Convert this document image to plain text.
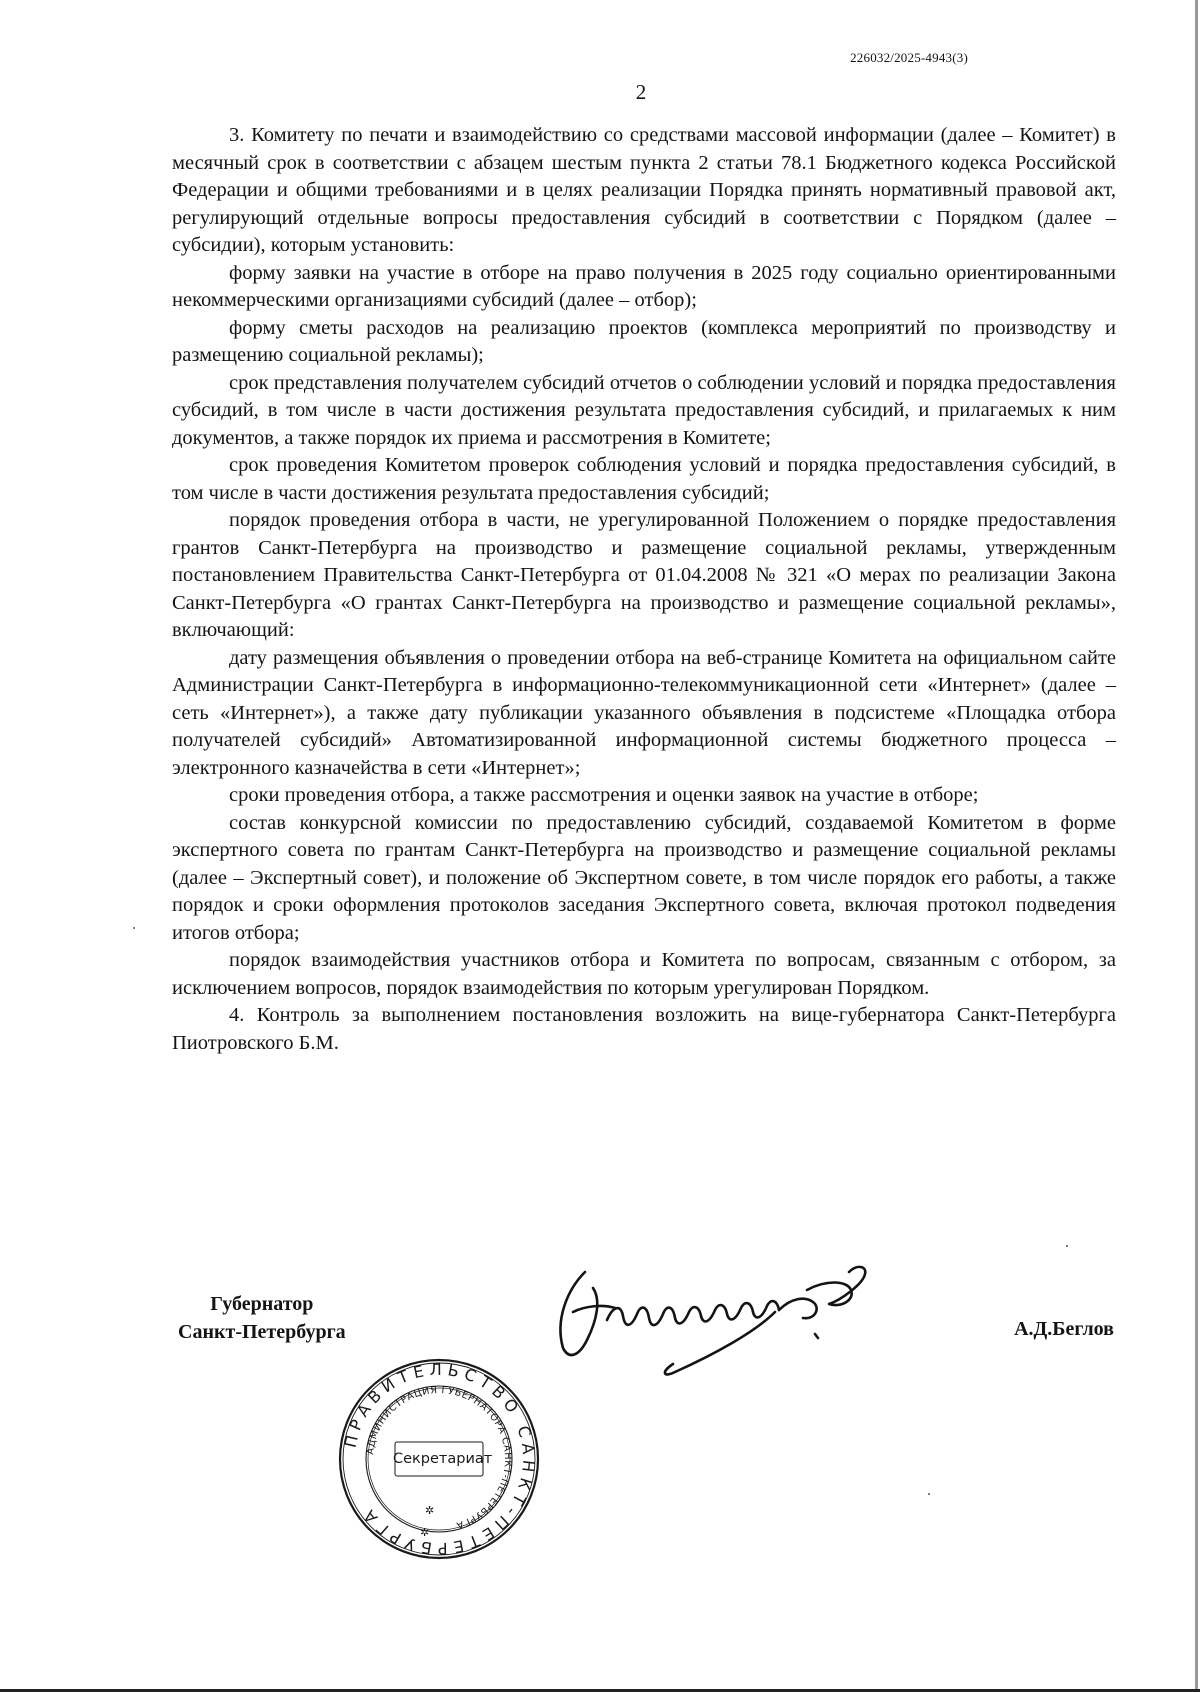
226032/2025-4943(3)
2

3. Комитету по печати и взаимодействию со средствами массовой информации (далее – Комитет) в месячный срок в соответствии с абзацем шестым пункта 2 статьи 78.1 Бюджетного кодекса Российской Федерации и общими требованиями и в целях реализации Порядка принять нормативный правовой акт, регулирующий отдельные вопросы предоставления субсидий в соответствии с Порядком (далее – субсидии), которым установить:

форму заявки на участие в отборе на право получения в 2025 году социально ориентированными некоммерческими организациями субсидий (далее – отбор);

форму сметы расходов на реализацию проектов (комплекса мероприятий по производству и размещению социальной рекламы);

срок представления получателем субсидий отчетов о соблюдении условий и порядка предоставления субсидий, в том числе в части достижения результата предоставления субсидий, и прилагаемых к ним документов, а также порядок их приема и рассмотрения в Комитете;

срок проведения Комитетом проверок соблюдения условий и порядка предоставления субсидий, в том числе в части достижения результата предоставления субсидий;

порядок проведения отбора в части, не урегулированной Положением о порядке предоставления грантов Санкт-Петербурга на производство и размещение социальной рекламы, утвержденным постановлением Правительства Санкт-Петербурга от 01.04.2008 № 321 «О мерах по реализации Закона Санкт-Петербурга «О грантах Санкт-Петербурга на производство и размещение социальной рекламы», включающий:

дату размещения объявления о проведении отбора на веб-странице Комитета на официальном сайте Администрации Санкт-Петербурга в информационно-телекоммуникационной сети «Интернет» (далее – сеть «Интернет»), а также дату публикации указанного объявления в подсистеме «Площадка отбора получателей субсидий» Автоматизированной информационной системы бюджетного процесса – электронного казначейства в сети «Интернет»;

сроки проведения отбора, а также рассмотрения и оценки заявок на участие в отборе;

состав конкурсной комиссии по предоставлению субсидий, создаваемой Комитетом в форме экспертного совета по грантам Санкт-Петербурга на производство и размещение социальной рекламы (далее – Экспертный совет), и положение об Экспертном совете, в том числе порядок его работы, а также порядок и сроки оформления протоколов заседания Экспертного совета, включая протокол подведения итогов отбора;

порядок взаимодействия участников отбора и Комитета по вопросам, связанным с отбором, за исключением вопросов, порядок взаимодействия по которым урегулирован Порядком.

4. Контроль за выполнением постановления возложить на вице-губернатора Санкт-Петербурга Пиотровского Б.М.

Губернатор
Санкт-Петербурга	А.Д.Беглов
ПРАВИТЕЛЬСТВО САНКТ-ПЕТЕРБУРГА
АДМИНИСТРАЦИЯ ГУБЕРНАТОРА САНКТ-ПЕТЕРБУРГА
✲
✲
Секретариат
